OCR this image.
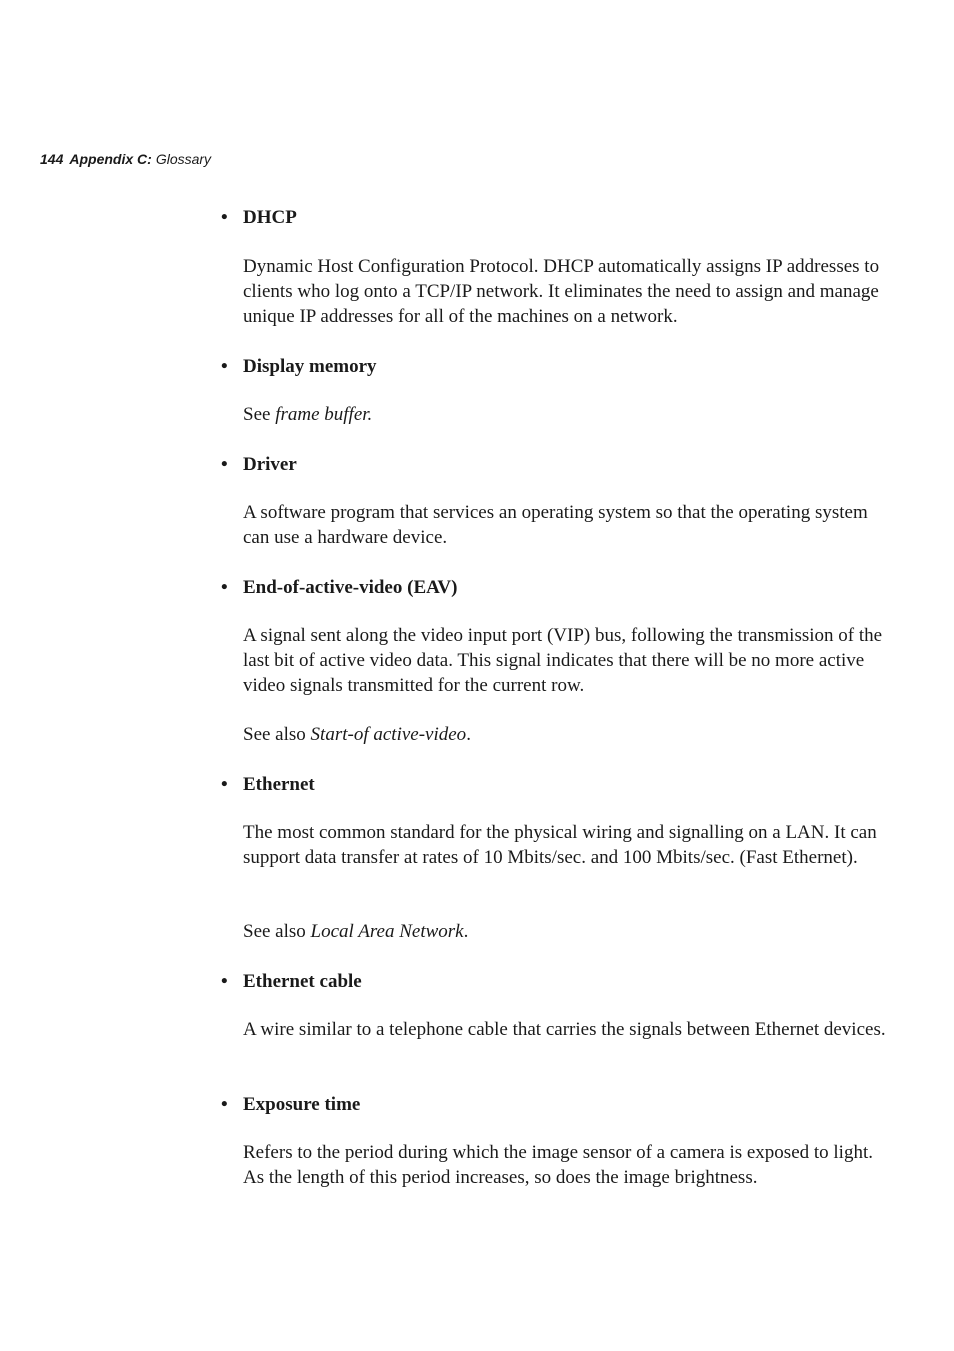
144 Appendix C: Glossary
• DHCP

Dynamic Host Configuration Protocol. DHCP automatically assigns IP addresses to clients who log onto a TCP/IP network. It eliminates the need to assign and manage unique IP addresses for all of the machines on a network.

• Display memory

See frame buffer.

• Driver

A software program that services an operating system so that the operating system can use a hardware device.

• End-of-active-video (EAV)

A signal sent along the video input port (VIP) bus, following the transmission of the last bit of active video data. This signal indicates that there will be no more active video signals transmitted for the current row.

See also Start-of active-video.

• Ethernet

The most common standard for the physical wiring and signalling on a LAN. It can support data transfer at rates of 10 Mbits/sec. and 100 Mbits/sec. (Fast Ethernet).

See also Local Area Network.

• Ethernet cable

A wire similar to a telephone cable that carries the signals between Ethernet devices.

• Exposure time

Refers to the period during which the image sensor of a camera is exposed to light. As the length of this period increases, so does the image brightness.
